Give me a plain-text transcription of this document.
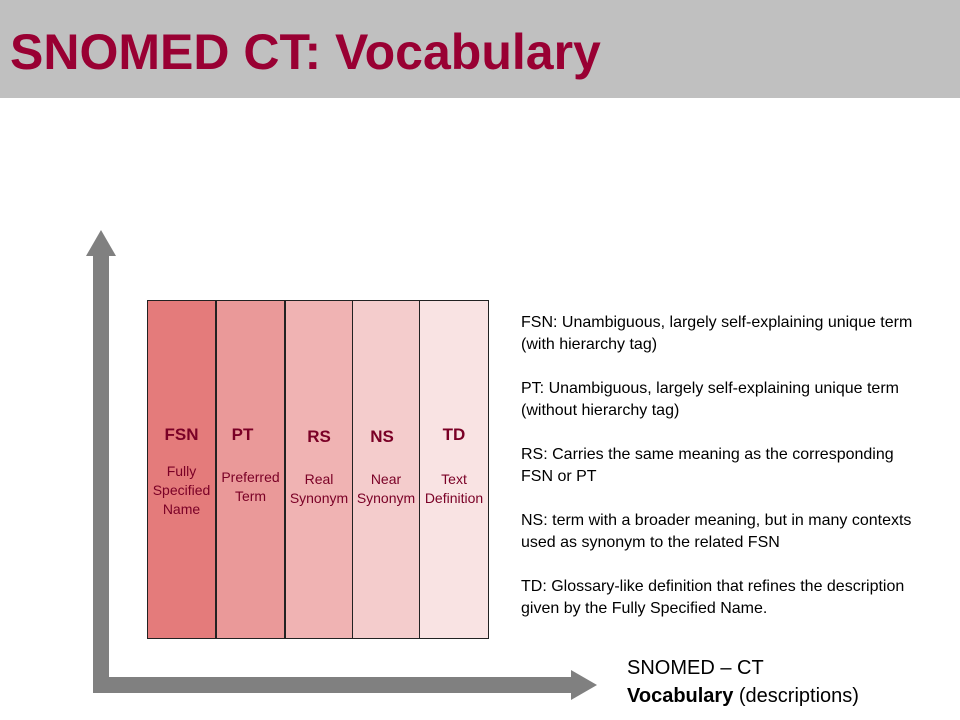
SNOMED CT: Vocabulary
FSN
Fully Specified Name
PT
Preferred Term
RS
Real Synonym
NS
Near Synonym
TD
Text Definition

FSN: Unambiguous, largely self-explaining unique term (with hierarchy tag)

PT: Unambiguous, largely self-explaining unique term (without hierarchy tag)

RS: Carries the same meaning as the corresponding FSN or PT

NS: term with a broader meaning, but in many contexts used as synonym to the related FSN

TD: Glossary-like definition that refines the description given by the Fully Specified Name.

SNOMED – CT
Vocabulary (descriptions)
